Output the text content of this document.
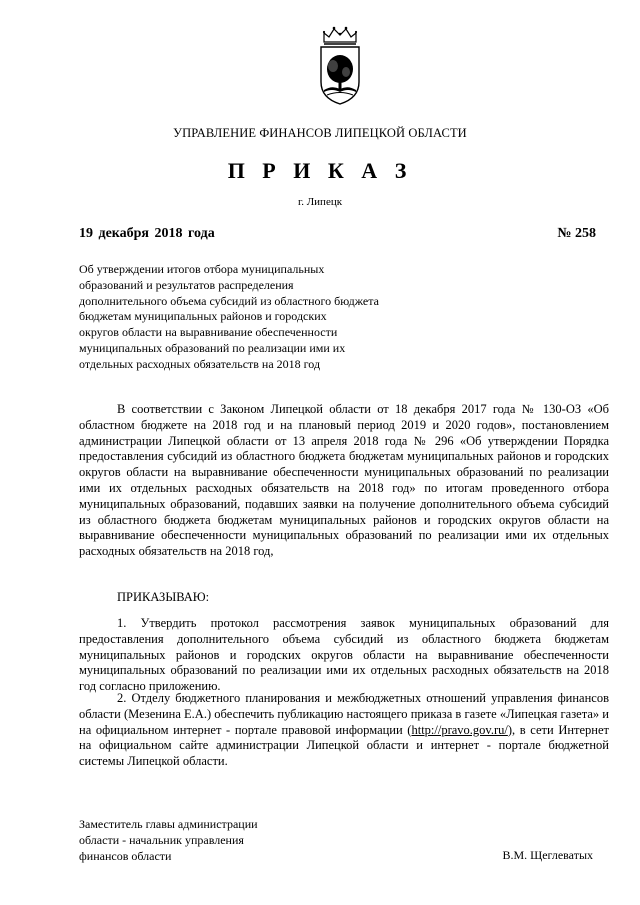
УПРАВЛЕНИЕ ФИНАНСОВ ЛИПЕЦКОЙ ОБЛАСТИ
П Р И К А З
г. Липецк
19 декабря 2018 года	№ 258
Об утверждении итогов отбора муниципальных
образований и результатов распределения
дополнительного объема субсидий из областного бюджета
бюджетам муниципальных районов и городских
округов области на выравнивание обеспеченности
муниципальных образований по реализации ими их
отдельных расходных обязательств на 2018 год

В соответствии с Законом Липецкой области от 18 декабря 2017 года № 130-ОЗ «Об областном бюджете на 2018 год и на плановый период 2019 и 2020 годов», постановлением администрации Липецкой области от 13 апреля 2018 года № 296 «Об утверждении Порядка предоставления субсидий из областного бюджета бюджетам муниципальных районов и городских округов области на выравнивание обеспеченности муниципальных образований по реализации ими их отдельных расходных обязательств на 2018 год» по итогам проведенного отбора муниципальных образований, подавших заявки на получение дополнительного объема субсидий из областного бюджета бюджетам муниципальных районов и городских округов области на выравнивание обеспеченности муниципальных образований по реализации ими их отдельных расходных обязательств на 2018 год,

ПРИКАЗЫВАЮ:

1. Утвердить протокол рассмотрения заявок муниципальных образований для предоставления дополнительного объема субсидий из областного бюджета бюджетам муниципальных районов и городских округов области на выравнивание обеспеченности муниципальных образований по реализации ими их отдельных расходных обязательств на 2018 год согласно приложению.

2. Отделу бюджетного планирования и межбюджетных отношений управления финансов области (Мезенина Е.А.) обеспечить публикацию настоящего приказа в газете «Липецкая газета» и на официальном интернет - портале правовой информации (http://pravo.gov.ru/), в сети Интернет на официальном сайте администрации Липецкой области и интернет - портале бюджетной системы Липецкой области.

Заместитель главы администрации
области - начальник управления
финансов области	В.М. Щеглеватых
